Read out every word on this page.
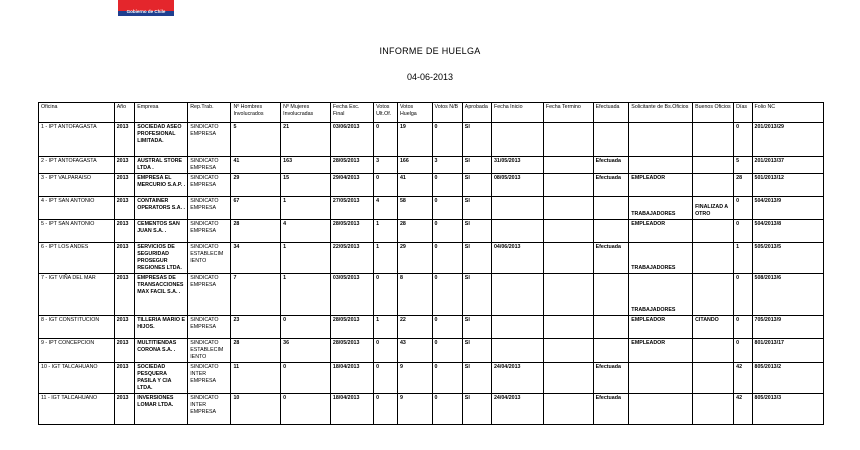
Gobierno de Chile
INFORME DE HUELGA
04-06-2013
Oficina	Año	Empresa	Rep.Trab.	Nº Hombres Involucrados	Nº Mujeres Involucradas	Fecha Exc. Final	Votos Ult.Of.	Votos Huelga	Votos N/B	Aprobada	Fecha Inicio	Fecha Termino	Efectuada	Solicitante de Bs.Oficios	Buenos Oficios	Días	Folio NC
1 - IPT ANTOFAGASTA	2013	SOCIEDAD ASEO PROFESIONAL LIMITADA.	SINDICATO EMPRESA	5	21	03/06/2013	0	19	0	SI						0	201/2013/29
2 - IPT ANTOFAGASTA	2013	AUSTRAL STORE LTDA .	SINDICATO EMPRESA	41	163	28/05/2013	3	166	3	SI	31/05/2013		Efectuada			5	201/2013/37
3 - IPT VALPARAISO	2013	EMPRESA EL MERCURIO S.A.P. .	SINDICATO EMPRESA	29	15	29/04/2013	0	41	0	SI	08/05/2013		Efectuada	EMPLEADOR		28	501/2013/12
4 - IPT SAN ANTONIO	2013	CONTAINER OPERATORS S.A. .	SINDICATO EMPRESA	67	1	27/05/2013	4	58	0	SI				TRABAJADORES	FINALIZAD A OTRO	0	504/2013/9
5 - IPT SAN ANTONIO	2013	CEMENTOS SAN JUAN S.A. .	SINDICATO EMPRESA	28	4	28/05/2013	1	28	0	SI				EMPLEADOR		0	504/2013/8
6 - IPT LOS ANDES	2013	SERVICIOS DE SEGURIDAD PROSEGUR REGIONES LTDA.	SINDICATO ESTABLECIM IENTO	34	1	22/05/2013	1	29	0	SI	04/06/2013		Efectuada	TRABAJADORES		1	505/2013/5
7 - IGT VIÑA DEL MAR	2013	EMPRESAS DE TRANSACCIONES MAX FACIL S.A. .	SINDICATO EMPRESA	7	1	03/05/2013	0	8	0	SI				TRABAJADORES		0	508/2013/6
8 - IGT CONSTITUCION	2013	TILLERIA MARIO E HIJOS.	SINDICATO EMPRESA	23	0	28/05/2013	1	22	0	SI				EMPLEADOR	CITANDO	0	705/2013/9
9 - IPT CONCEPCION	2013	MULTITIENDAS CORONA S.A. .	SINDICATO ESTABLECIM IENTO	28	36	28/05/2013	0	43	0	SI				EMPLEADOR		0	801/2013/17
10 - IGT TALCAHUANO	2013	SOCIEDAD PESQUERA PASILA Y CIA LTDA.	SINDICATO INTER EMPRESA	11	0	18/04/2013	0	9	0	SI	24/04/2013		Efectuada			42	805/2013/2
11 - IGT TALCAHUANO	2013	INVERSIONES LOMAR LTDA.	SINDICATO INTER EMPRESA	10	0	18/04/2013	0	9	0	SI	24/04/2013		Efectuada			42	805/2013/3
